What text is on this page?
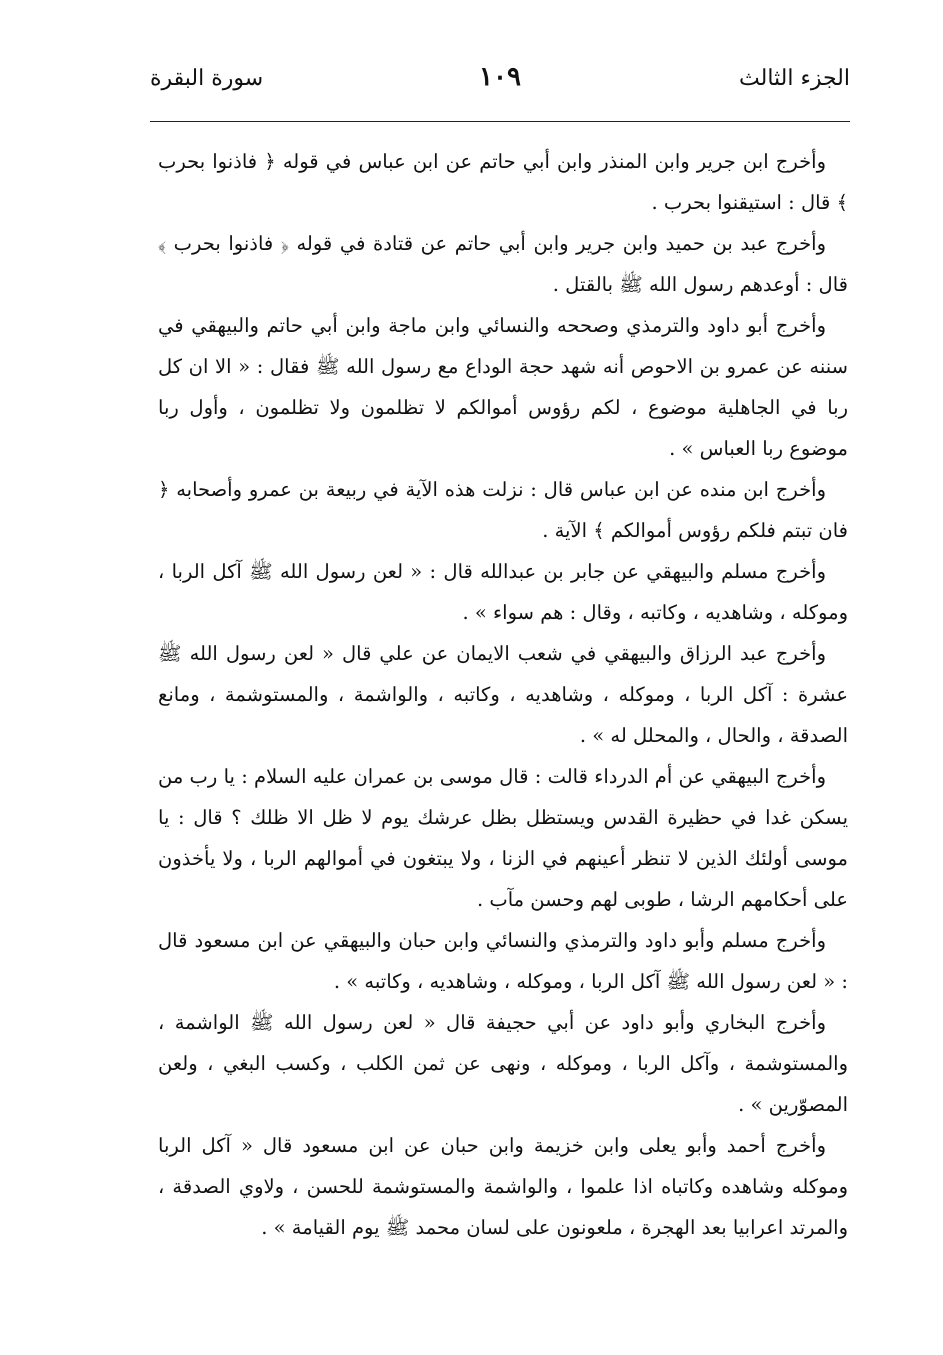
الجزء الثالث
١٠٩
سورة البقرة

وأخرج ابن جرير وابن المنذر وابن أبي حاتم عن ابن عباس في قوله ﴿ فاذنوا بحرب ﴾ قال : استيقنوا بحرب .

وأخرج عبد بن حميد وابن جرير وابن أبي حاتم عن قتادة في قوله ﴿ فاذنوا بحرب ﴾ قال : أوعدهم رسول الله ﷺ بالقتل .

وأخرج أبو داود والترمذي وصححه والنسائي وابن ماجة وابن أبي حاتم والبيهقي في سننه عن عمرو بن الاحوص أنه شهد حجة الوداع مع رسول الله ﷺ فقال : « الا ان كل ربا في الجاهلية موضوع ، لكم رؤوس أموالكم لا تظلمون ولا تظلمون ، وأول ربا موضوع ربا العباس » .

وأخرج ابن منده عن ابن عباس قال : نزلت هذه الآية في ربيعة بن عمرو وأصحابه ﴿ فان تبتم فلكم رؤوس أموالكم ﴾ الآية .

وأخرج مسلم والبيهقي عن جابر بن عبدالله قال : « لعن رسول الله ﷺ آكل الربا ، وموكله ، وشاهديه ، وكاتبه ، وقال : هم سواء » .

وأخرج عبد الرزاق والبيهقي في شعب الايمان عن علي قال « لعن رسول الله ﷺ عشرة : آكل الربا ، وموكله ، وشاهديه ، وكاتبه ، والواشمة ، والمستوشمة ، ومانع الصدقة ، والحال ، والمحلل له » .

وأخرج البيهقي عن أم الدرداء قالت : قال موسى بن عمران عليه السلام : يا رب من يسكن غدا في حظيرة القدس ويستظل بظل عرشك يوم لا ظل الا ظلك ؟ قال : يا موسى أولئك الذين لا تنظر أعينهم في الزنا ، ولا يبتغون في أموالهم الربا ، ولا يأخذون على أحكامهم الرشا ، طوبى لهم وحسن مآب .

وأخرج مسلم وأبو داود والترمذي والنسائي وابن حبان والبيهقي عن ابن مسعود قال : « لعن رسول الله ﷺ آكل الربا ، وموكله ، وشاهديه ، وكاتبه » .

وأخرج البخاري وأبو داود عن أبي حجيفة قال « لعن رسول الله ﷺ الواشمة ، والمستوشمة ، وآكل الربا ، وموكله ، ونهى عن ثمن الكلب ، وكسب البغي ، ولعن المصوّرين » .

وأخرج أحمد وأبو يعلى وابن خزيمة وابن حبان عن ابن مسعود قال « آكل الربا وموكله وشاهده وكاتباه اذا علموا ، والواشمة والمستوشمة للحسن ، ولاوي الصدقة ، والمرتد اعرابيا بعد الهجرة ، ملعونون على لسان محمد ﷺ يوم القيامة » .
